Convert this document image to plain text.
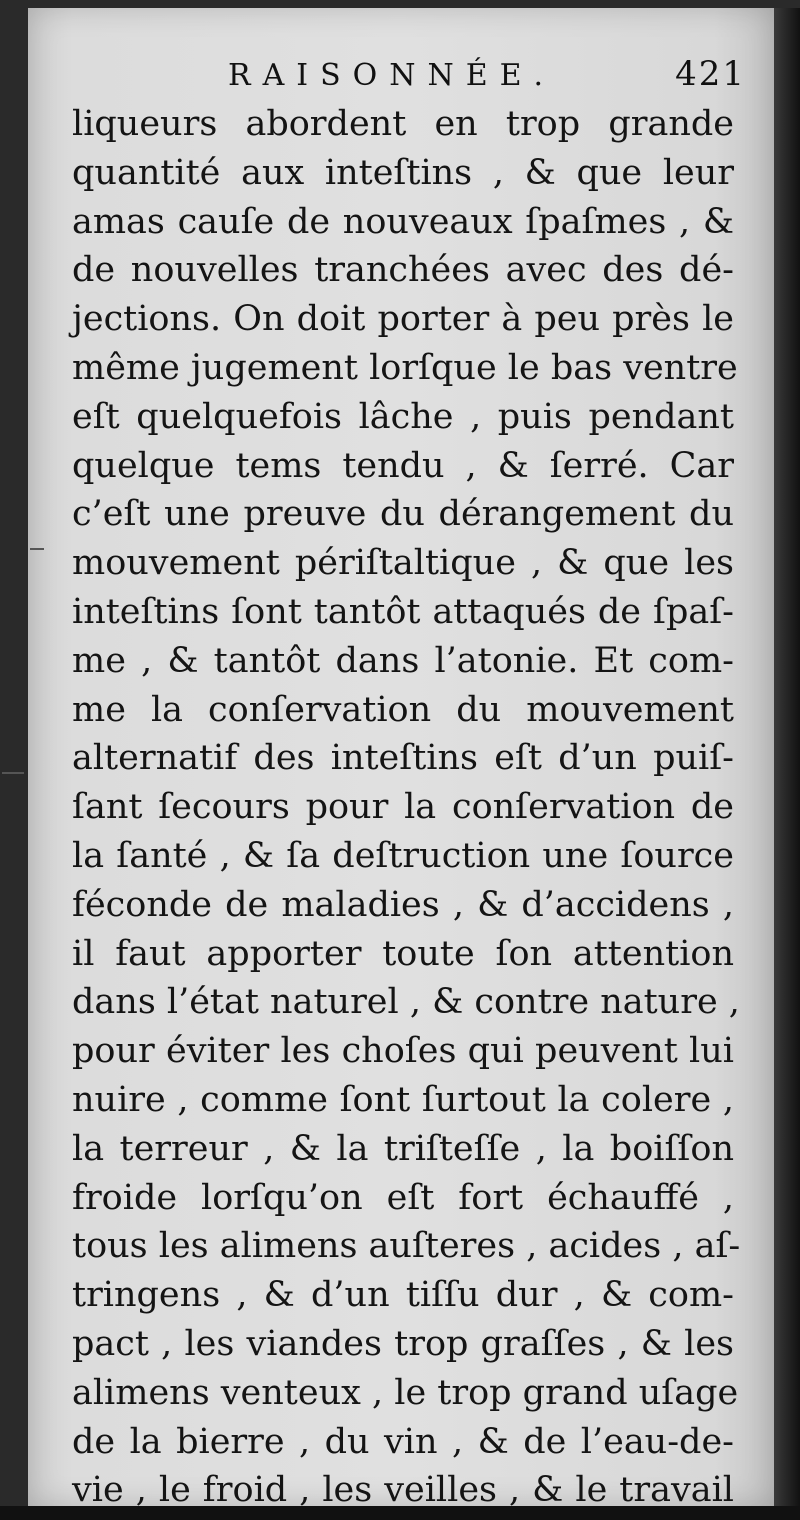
RAISONNÉE.	421
liqueurs abordent en trop grande
quantité aux inteſtins , & que leur
amas cauſe de nouveaux ſpaſmes , &
de nouvelles tranchées avec des dé-
jections. On doit porter à peu près le
même jugement lorſque le bas ventre
eſt quelquefois lâche , puis pendant
quelque tems tendu , & ſerré. Car
c’eſt une preuve du dérangement du
mouvement périſtaltique , & que les
inteſtins ſont tantôt attaqués de ſpaſ-
me , & tantôt dans l’atonie. Et com-
me la conſervation du mouvement
alternatif des inteſtins eſt d’un puiſ-
ſant ſecours pour la conſervation de
la ſanté , & ſa deſtruction une ſource
féconde de maladies , & d’accidens ,
il faut apporter toute ſon attention
dans l’état naturel , & contre nature ,
pour éviter les choſes qui peuvent lui
nuire , comme ſont ſurtout la colere ,
la terreur , & la triſteſſe , la boiſſon
froide lorſqu’on eſt fort échauffé ,
tous les alimens auſteres , acides , aſ-
tringens , & d’un tiſſu dur , & com-
pact , les viandes trop graſſes , & les
alimens venteux , le trop grand uſage
de la bierre , du vin , & de l’eau-de-
vie , le froid , les veilles , & le travail
